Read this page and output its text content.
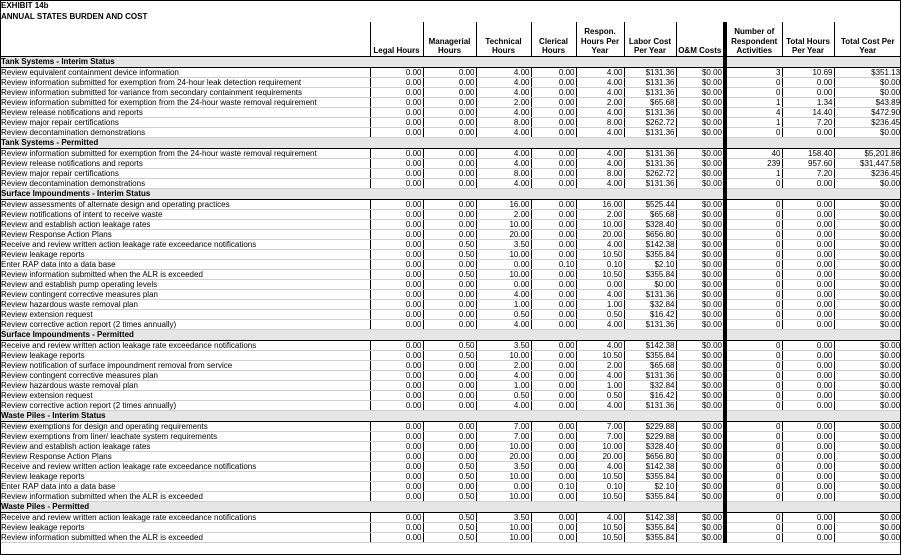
EXHIBIT 14b										
ANNUAL STATES BURDEN AND COST										
	Legal Hours	Managerial Hours	Technical Hours	Clerical Hours	Respon. Hours Per Year	Labor Cost Per Year	O&M Costs	Number of Respondent Activities	Total Hours Per Year	Total Cost Per Year
Tank Systems - Interim Status										
Review equivalent containment device information	0.00	0.00	4.00	0.00	4.00	$131.36	$0.00	3	10.69	$351.13
Review information submitted for exemption from 24-hour leak detection requirement	0.00	0.00	4.00	0.00	4.00	$131.36	$0.00	0	0.00	$0.00
Review information submitted for variance from secondary containment requirements	0.00	0.00	4.00	0.00	4.00	$131.36	$0.00	0	0.00	$0.00
Review information submitted for exemption from the 24-hour waste removal requirement	0.00	0.00	2.00	0.00	2.00	$65.68	$0.00	1	1.34	$43.89
Review release notifications and reports	0.00	0.00	4.00	0.00	4.00	$131.36	$0.00	4	14.40	$472.90
Review major repair certifications	0.00	0.00	8.00	0.00	8.00	$262.72	$0.00	1	7.20	$236.45
Review decontamination demonstrations	0.00	0.00	4.00	0.00	4.00	$131.36	$0.00	0	0.00	$0.00
Tank Systems - Permitted										
Review information submitted for exemption from the 24-hour waste removal requirement	0.00	0.00	4.00	0.00	4.00	$131.36	$0.00	40	158.40	$5,201.86
Review release notifications and reports	0.00	0.00	4.00	0.00	4.00	$131.36	$0.00	239	957.60	$31,447.58
Review major repair certifications	0.00	0.00	8.00	0.00	8.00	$262.72	$0.00	1	7.20	$236.45
Review decontamination demonstrations	0.00	0.00	4.00	0.00	4.00	$131.36	$0.00	0	0.00	$0.00
Surface Impoundments - Interim Status										
Review assessments of alternate design and operating practices	0.00	0.00	16.00	0.00	16.00	$525.44	$0.00	0	0.00	$0.00
Review notifications of intent to receive waste	0.00	0.00	2.00	0.00	2.00	$65.68	$0.00	0	0.00	$0.00
Review and establish action leakage rates	0.00	0.00	10.00	0.00	10.00	$328.40	$0.00	0	0.00	$0.00
Review Response Action Plans	0.00	0.00	20.00	0.00	20.00	$656.80	$0.00	0	0.00	$0.00
Receive and review written action leakage rate exceedance notifications	0.00	0.50	3.50	0.00	4.00	$142.38	$0.00	0	0.00	$0.00
Review leakage reports	0.00	0.50	10.00	0.00	10.50	$355.84	$0.00	0	0.00	$0.00
Enter RAP data into a data base	0.00	0.00	0.00	0.10	0.10	$2.10	$0.00	0	0.00	$0.00
Review information submitted when the ALR is exceeded	0.00	0.50	10.00	0.00	10.50	$355.84	$0.00	0	0.00	$0.00
Review and establish pump operating levels	0.00	0.00	0.00	0.00	0.00	$0.00	$0.00	0	0.00	$0.00
Review contingent corrective measures plan	0.00	0.00	4.00	0.00	4.00	$131.36	$0.00	0	0.00	$0.00
Review hazardous waste removal plan	0.00	0.00	1.00	0.00	1.00	$32.84	$0.00	0	0.00	$0.00
Review extension request	0.00	0.00	0.50	0.00	0.50	$16.42	$0.00	0	0.00	$0.00
Review corrective action report (2 times annually)	0.00	0.00	4.00	0.00	4.00	$131.36	$0.00	0	0.00	$0.00
Surface Impoundments - Permitted										
Receive and review written action leakage rate exceedance notifications	0.00	0.50	3.50	0.00	4.00	$142.38	$0.00	0	0.00	$0.00
Review leakage reports	0.00	0.50	10.00	0.00	10.50	$355.84	$0.00	0	0.00	$0.00
Review notification of surface impoundment removal from service	0.00	0.00	2.00	0.00	2.00	$65.68	$0.00	0	0.00	$0.00
Review contingent corrective measures plan	0.00	0.00	4.00	0.00	4.00	$131.36	$0.00	0	0.00	$0.00
Review hazardous waste removal plan	0.00	0.00	1.00	0.00	1.00	$32.84	$0.00	0	0.00	$0.00
Review extension request	0.00	0.00	0.50	0.00	0.50	$16.42	$0.00	0	0.00	$0.00
Review corrective action report (2 times annually)	0.00	0.00	4.00	0.00	4.00	$131.36	$0.00	0	0.00	$0.00
Waste Piles - Interim Status										
Review exemptions for design and operating requirements	0.00	0.00	7.00	0.00	7.00	$229.88	$0.00	0	0.00	$0.00
Review exemptions from liner/ leachate system requirements	0.00	0.00	7.00	0.00	7.00	$229.88	$0.00	0	0.00	$0.00
Review and establish action leakage rates	0.00	0.00	10.00	0.00	10.00	$328.40	$0.00	0	0.00	$0.00
Review Response Action Plans	0.00	0.00	20.00	0.00	20.00	$656.80	$0.00	0	0.00	$0.00
Receive and review written action leakage rate exceedance notifications	0.00	0.50	3.50	0.00	4.00	$142.38	$0.00	0	0.00	$0.00
Review leakage reports	0.00	0.50	10.00	0.00	10.50	$355.84	$0.00	0	0.00	$0.00
Enter RAP data into a data base	0.00	0.00	0.00	0.10	0.10	$2.10	$0.00	0	0.00	$0.00
Review information submitted when the ALR is exceeded	0.00	0.50	10.00	0.00	10.50	$355.84	$0.00	0	0.00	$0.00
Waste Piles - Permitted										
Receive and review written action leakage rate exceedance notifications	0.00	0.50	3.50	0.00	4.00	$142.38	$0.00	0	0.00	$0.00
Review leakage reports	0.00	0.50	10.00	0.00	10.50	$355.84	$0.00	0	0.00	$0.00
Review information submitted when the ALR is exceeded	0.00	0.50	10.00	0.00	10.50	$355.84	$0.00	0	0.00	$0.00
